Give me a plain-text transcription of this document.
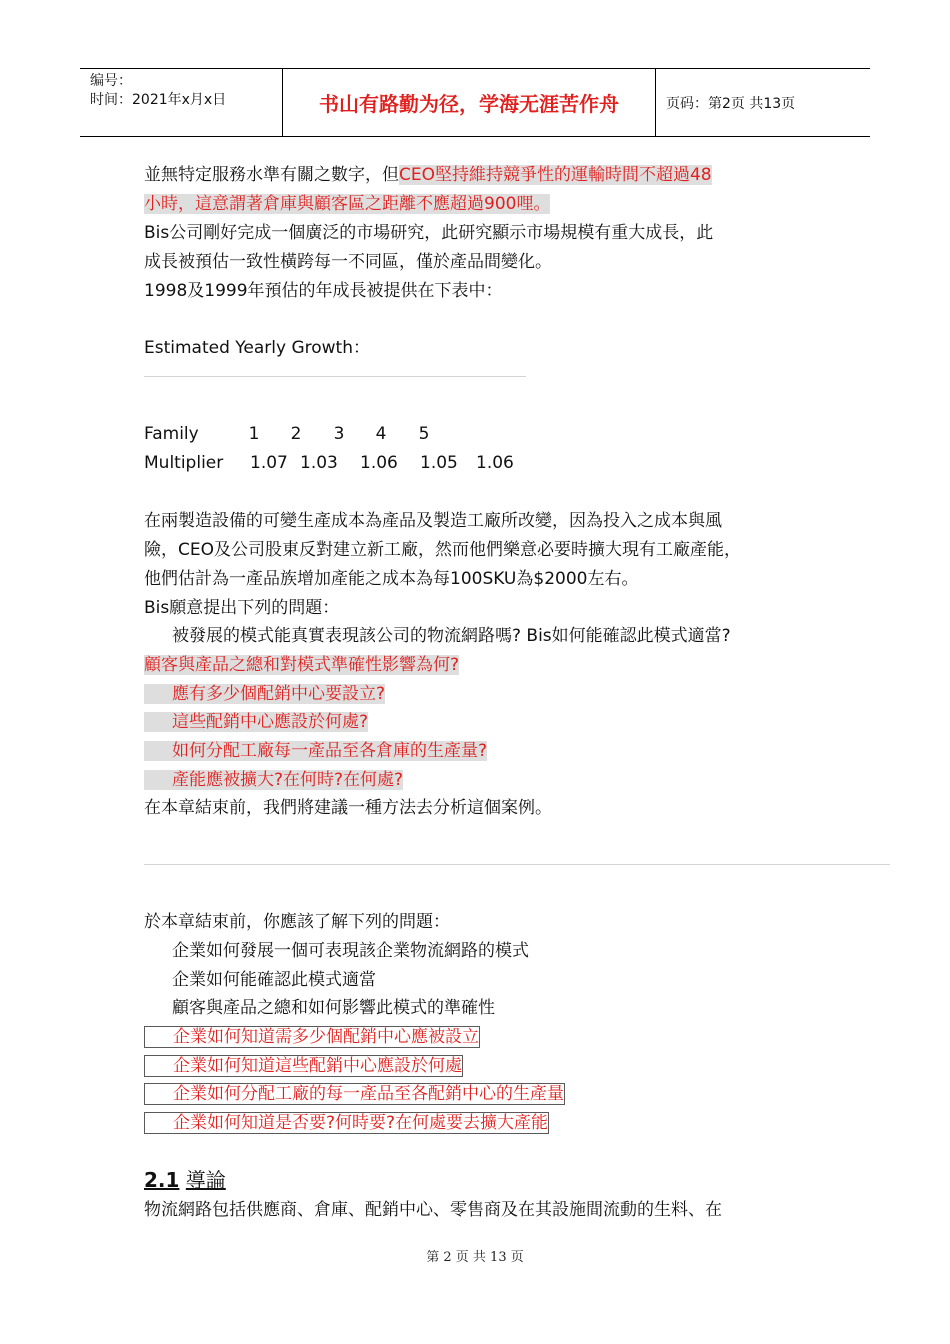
编号：
时间：2021年x月x日	书山有路勤为径，学海无涯苦作舟	页码：第2页 共13页
並無特定服務水準有關之數字，但CEO堅持維持競爭性的運輸時間不超過48
小時，這意謂著倉庫與顧客區之距離不應超過900哩。
Bis公司剛好完成一個廣泛的市場研究，此研究顯示市場規模有重大成長，此
成長被預估一致性橫跨每一不同區，僅於產品間變化。
1998及1999年預估的年成長被提供在下表中：
Estimated Yearly Growth：
Family	1 2 3 4 5
Multiplier 1.07 1.03 1.06 1.05 1.06
在兩製造設備的可變生產成本為產品及製造工廠所改變，因為投入之成本與風
險，CEO及公司股東反對建立新工廠，然而他們樂意必要時擴大現有工廠產能，
他們估計為一產品族增加產能之成本為每100SKU為$2000左右。
Bis願意提出下列的問題：
被發展的模式能真實表現該公司的物流網路嗎? Bis如何能確認此模式適當?
顧客與產品之總和對模式準確性影響為何?
應有多少個配銷中心要設立?
這些配銷中心應設於何處?
如何分配工廠每一產品至各倉庫的生產量?
產能應被擴大?在何時?在何處?
在本章結束前，我們將建議一種方法去分析這個案例。
於本章結束前，你應該了解下列的問題：
企業如何發展一個可表現該企業物流網路的模式
企業如何能確認此模式適當
顧客與產品之總和如何影響此模式的準確性
企業如何知道需多少個配銷中心應被設立
企業如何知道這些配銷中心應設於何處
企業如何分配工廠的每一產品至各配銷中心的生產量
企業如何知道是否要?何時要?在何處要去擴大產能
2.1 導論
物流網路包括供應商、倉庫、配銷中心、零售商及在其設施間流動的生料、在
第 2 页 共 13 页
